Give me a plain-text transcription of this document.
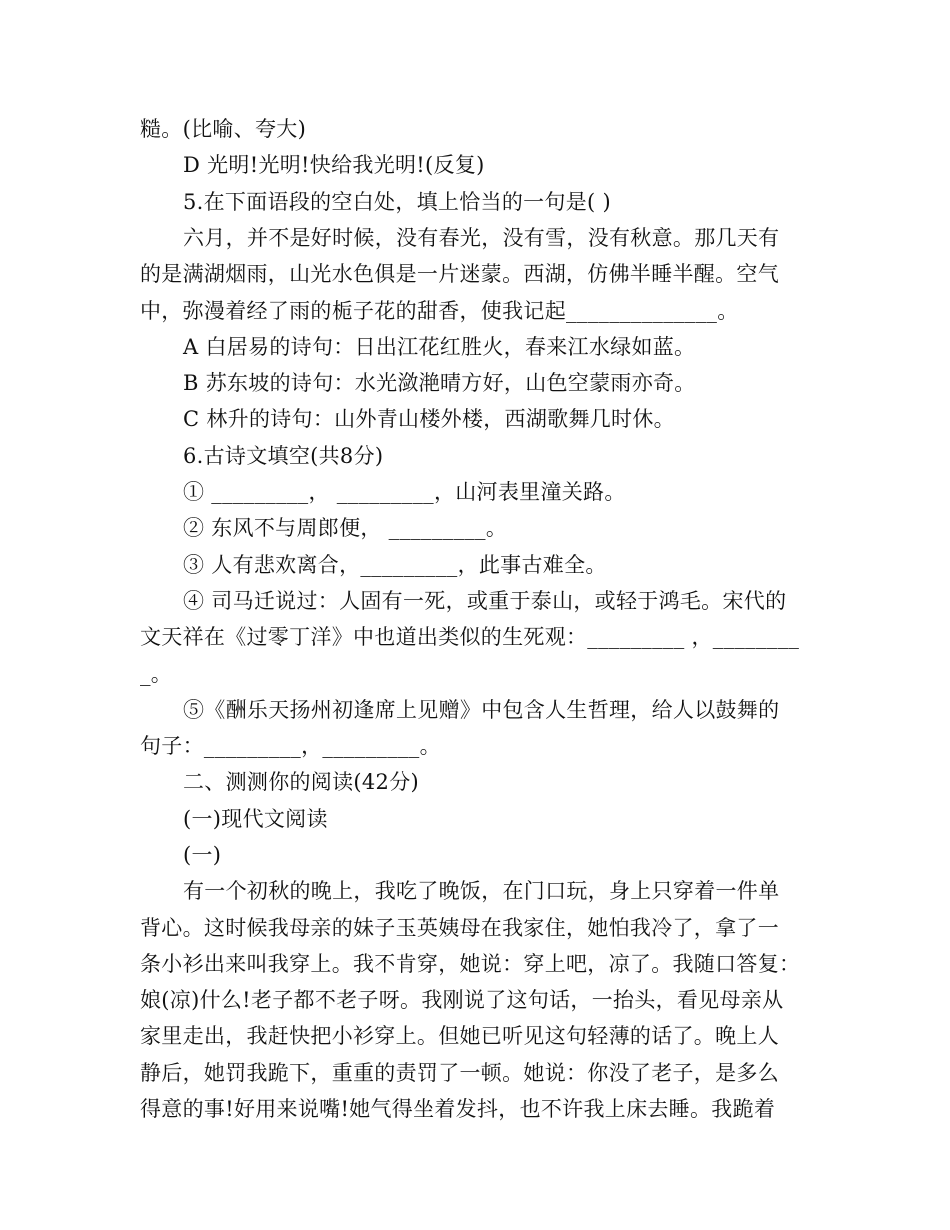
糙。(比喻、夸大)
D 光明!光明!快给我光明!(反复)
5.在下面语段的空白处，填上恰当的一句是( )
六月，并不是好时候，没有春光，没有雪，没有秋意。那几天有
的是满湖烟雨，山光水色俱是一片迷蒙。西湖，仿佛半睡半醒。空气
中，弥漫着经了雨的栀子花的甜香，使我记起______________。
A 白居易的诗句：日出江花红胜火，春来江水绿如蓝。
B 苏东坡的诗句：水光潋滟晴方好，山色空蒙雨亦奇。
C 林升的诗句：山外青山楼外楼，西湖歌舞几时休。
6.古诗文填空(共8分)
① _________， _________，山河表里潼关路。
② 东风不与周郎便， _________。
③ 人有悲欢离合，_________，此事古难全。
④ 司马迁说过：人固有一死，或重于泰山，或轻于鸿毛。宋代的
文天祥在《过零丁洋》中也道出类似的生死观：_________ ，________
_。
⑤《酬乐天扬州初逢席上见赠》中包含人生哲理，给人以鼓舞的
句子：_________，_________。
二、测测你的阅读(42分)
(一)现代文阅读
(一)
有一个初秋的晚上，我吃了晚饭，在门口玩，身上只穿着一件单
背心。这时候我母亲的妹子玉英姨母在我家住，她怕我冷了，拿了一
条小衫出来叫我穿上。我不肯穿，她说：穿上吧，凉了。我随口答复：
娘(凉)什么!老子都不老子呀。我刚说了这句话，一抬头，看见母亲从
家里走出，我赶快把小衫穿上。但她已听见这句轻薄的话了。晚上人
静后，她罚我跪下，重重的责罚了一顿。她说：你没了老子，是多么
得意的事!好用来说嘴!她气得坐着发抖，也不许我上床去睡。我跪着
